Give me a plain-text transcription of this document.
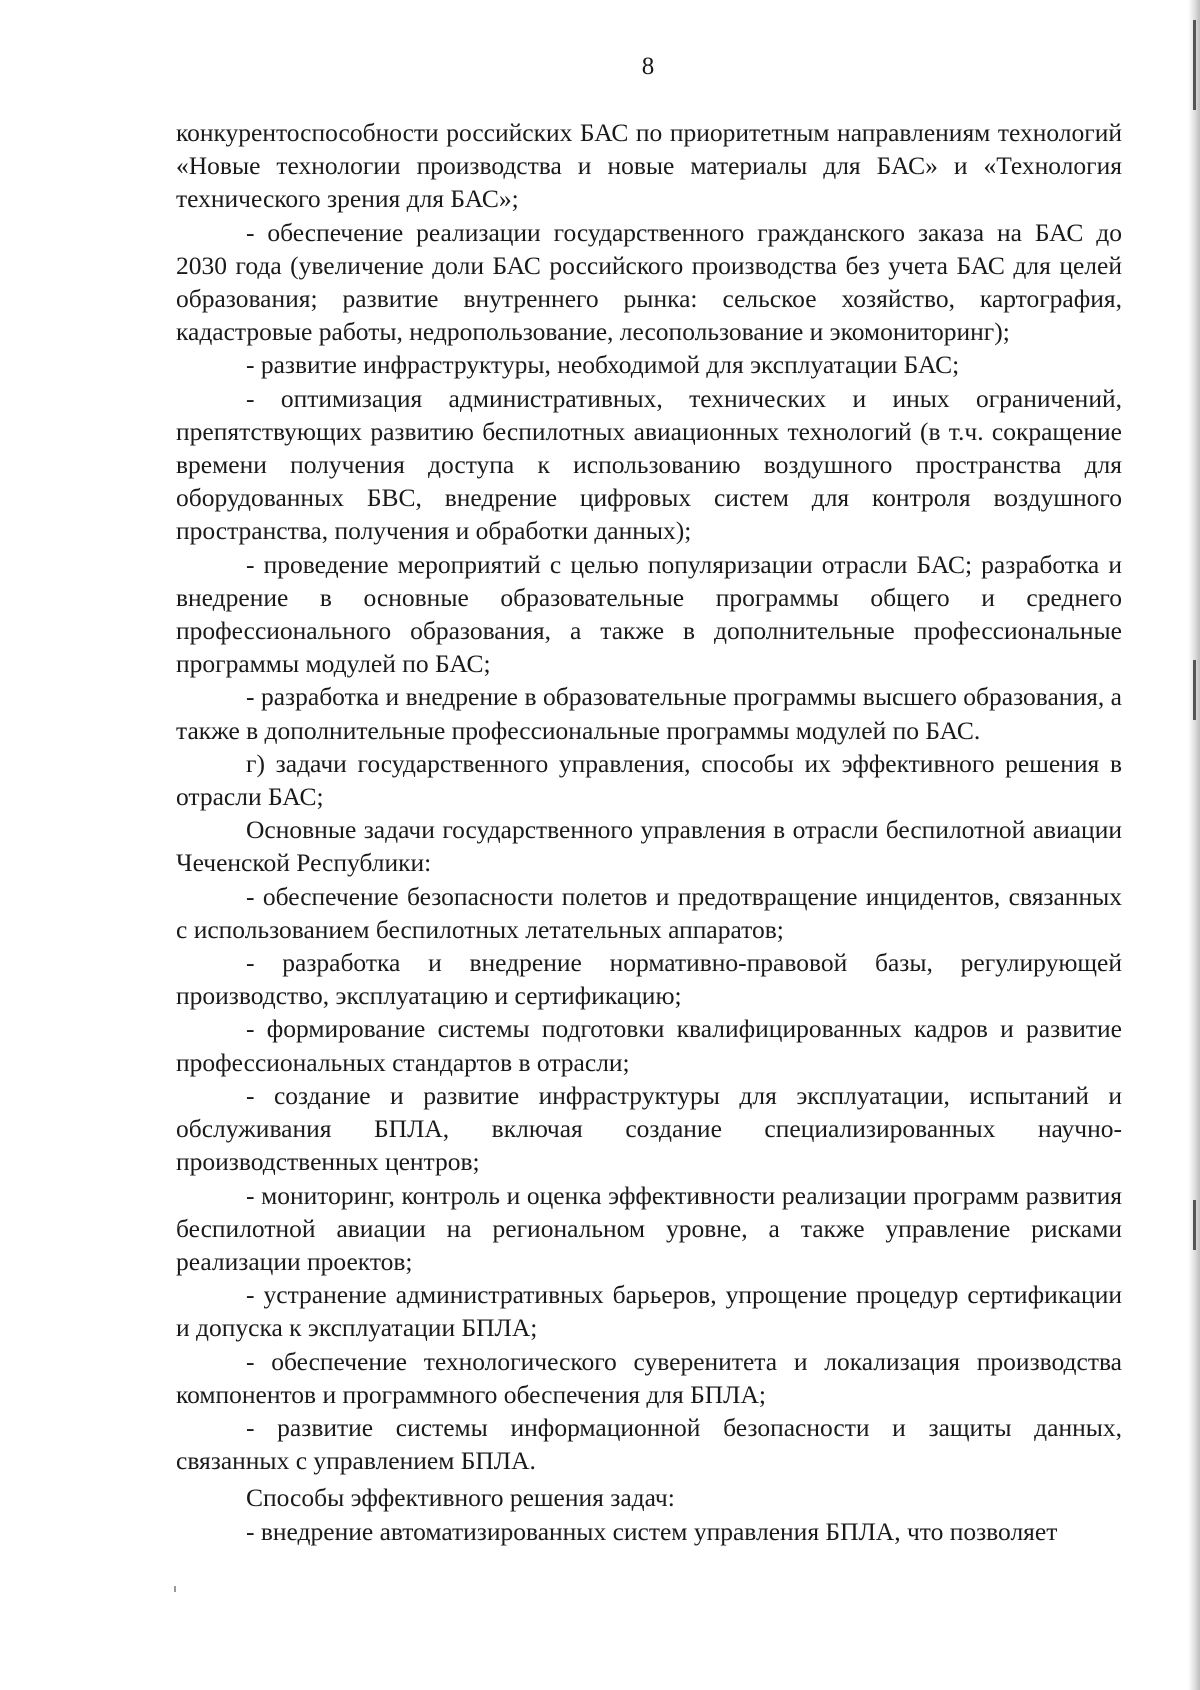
8

конкурентоспособности российских БАС по приоритетным направлениям технологий «Новые технологии производства и новые материалы для БАС» и «Технология технического зрения для БАС»;

- обеспечение реализации государственного гражданского заказа на БАС до 2030 года (увеличение доли БАС российского производства без учета БАС для целей образования; развитие внутреннего рынка: сельское хозяйство, картография, кадастровые работы, недропользование, лесопользование и экомониторинг);

- развитие инфраструктуры, необходимой для эксплуатации БАС;

- оптимизация административных, технических и иных ограничений, препятствующих развитию беспилотных авиационных технологий (в т.ч. сокращение времени получения доступа к использованию воздушного пространства для оборудованных БВС, внедрение цифровых систем для контроля воздушного пространства, получения и обработки данных);

- проведение мероприятий с целью популяризации отрасли БАС; разработка и внедрение в основные образовательные программы общего и среднего профессионального образования, а также в дополнительные профессиональные программы модулей по БАС;

- разработка и внедрение в образовательные программы высшего образования, а также в дополнительные профессиональные программы модулей по БАС.

г) задачи государственного управления, способы их эффективного решения в отрасли БАС;

Основные задачи государственного управления в отрасли беспилотной авиации Чеченской Республики:

- обеспечение безопасности полетов и предотвращение инцидентов, связанных с использованием беспилотных летательных аппаратов;

- разработка и внедрение нормативно-правовой базы, регулирующей производство, эксплуатацию и сертификацию;

- формирование системы подготовки квалифицированных кадров и развитие профессиональных стандартов в отрасли;

- создание и развитие инфраструктуры для эксплуатации, испытаний и обслуживания БПЛА, включая создание специализированных научно-производственных центров;

- мониторинг, контроль и оценка эффективности реализации программ развития беспилотной авиации на региональном уровне, а также управление рисками реализации проектов;

- устранение административных барьеров, упрощение процедур сертификации и допуска к эксплуатации БПЛА;

- обеспечение технологического суверенитета и локализация производства компонентов и программного обеспечения для БПЛА;

- развитие системы информационной безопасности и защиты данных, связанных с управлением БПЛА.

Способы эффективного решения задач:

- внедрение автоматизированных систем управления БПЛА, что позволяет
